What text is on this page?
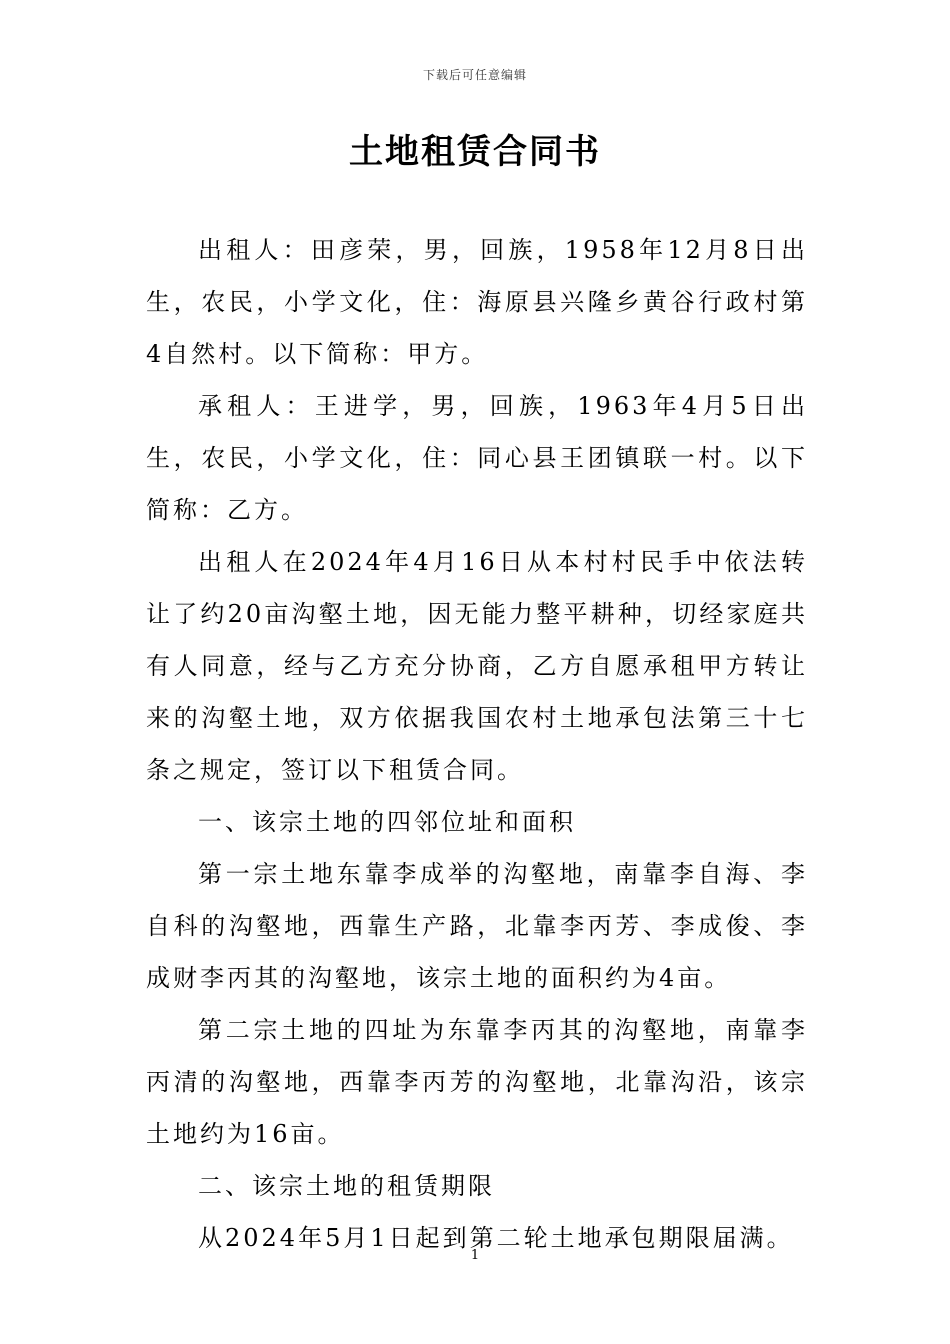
下载后可任意编辑
土地租赁合同书

出租人：田彦荣，男，回族，1958年12月8日出生，农民，小学文化，住：海原县兴隆乡黄谷行政村第4自然村。以下简称：甲方。

承租人：王进学，男，回族，1963年4月5日出生，农民，小学文化，住：同心县王团镇联一村。以下简称：乙方。

出租人在2024年4月16日从本村村民手中依法转让了约20亩沟壑土地，因无能力整平耕种，切经家庭共有人同意，经与乙方充分协商，乙方自愿承租甲方转让来的沟壑土地，双方依据我国农村土地承包法第三十七条之规定，签订以下租赁合同。

一、该宗土地的四邻位址和面积

第一宗土地东靠李成举的沟壑地，南靠李自海、李自科的沟壑地，西靠生产路，北靠李丙芳、李成俊、李成财李丙其的沟壑地，该宗土地的面积约为4亩。

第二宗土地的四址为东靠李丙其的沟壑地，南靠李丙清的沟壑地，西靠李丙芳的沟壑地，北靠沟沿，该宗土地约为16亩。

二、该宗土地的租赁期限

从2024年5月1日起到第二轮土地承包期限届满。

1
